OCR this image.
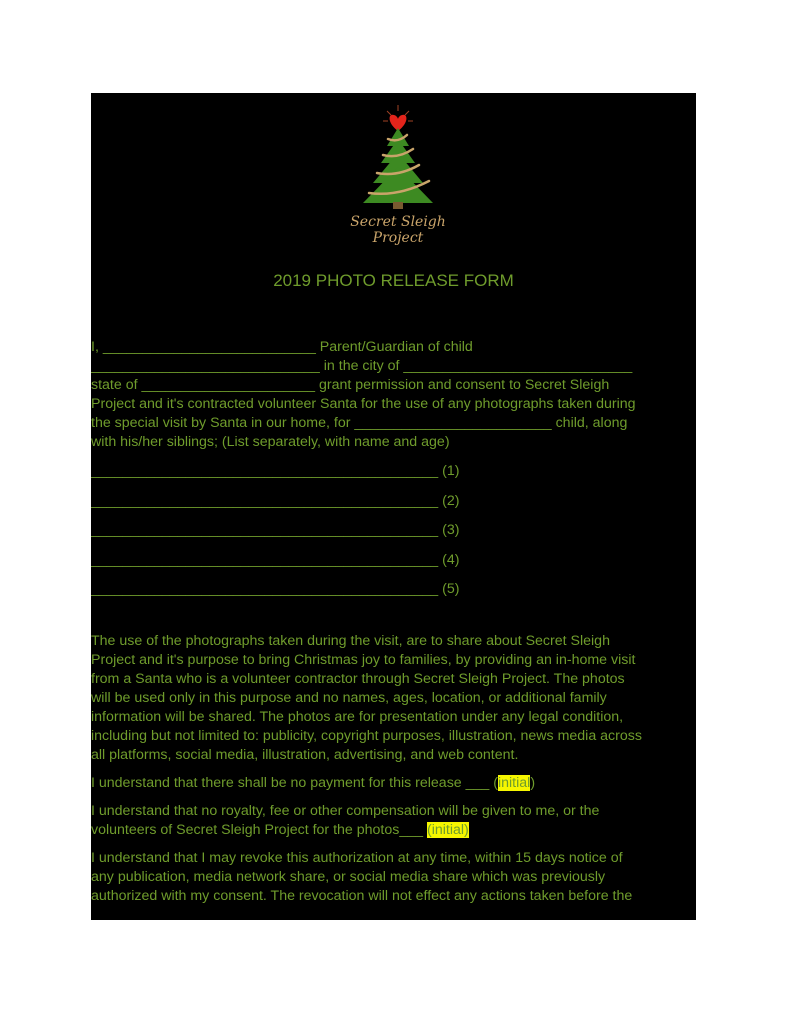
Secret Sleigh
Project
2019 PHOTO RELEASE FORM
I, ___________________________ Parent/Guardian of child
_____________________________ in the city of _____________________________
state of ______________________ grant permission and consent to Secret Sleigh
Project and it's contracted volunteer Santa for the use of any photographs taken during
the special visit by Santa in our home, for _________________________ child, along
with his/her siblings; (List separately, with name and age)
____________________________________________ (1)
____________________________________________ (2)
____________________________________________ (3)
____________________________________________ (4)
____________________________________________ (5)
The use of the photographs taken during the visit, are to share about Secret Sleigh
Project and it's purpose to bring Christmas joy to families, by providing an in-home visit
from a Santa who is a volunteer contractor through Secret Sleigh Project. The photos
will be used only in this purpose and no names, ages, location, or additional family
information will be shared. The photos are for presentation under any legal condition,
including but not limited to: publicity, copyright purposes, illustration, news media across
all platforms, social media, illustration, advertising, and web content.
I understand that there shall be no payment for this release ___ (initial)
I understand that no royalty, fee or other compensation will be given to me, or the
volunteers of Secret Sleigh Project for the photos___ (initial)
I understand that I may revoke this authorization at any time, within 15 days notice of
any publication, media network share, or social media share which was previously
authorized with my consent. The revocation will not effect any actions taken before the
